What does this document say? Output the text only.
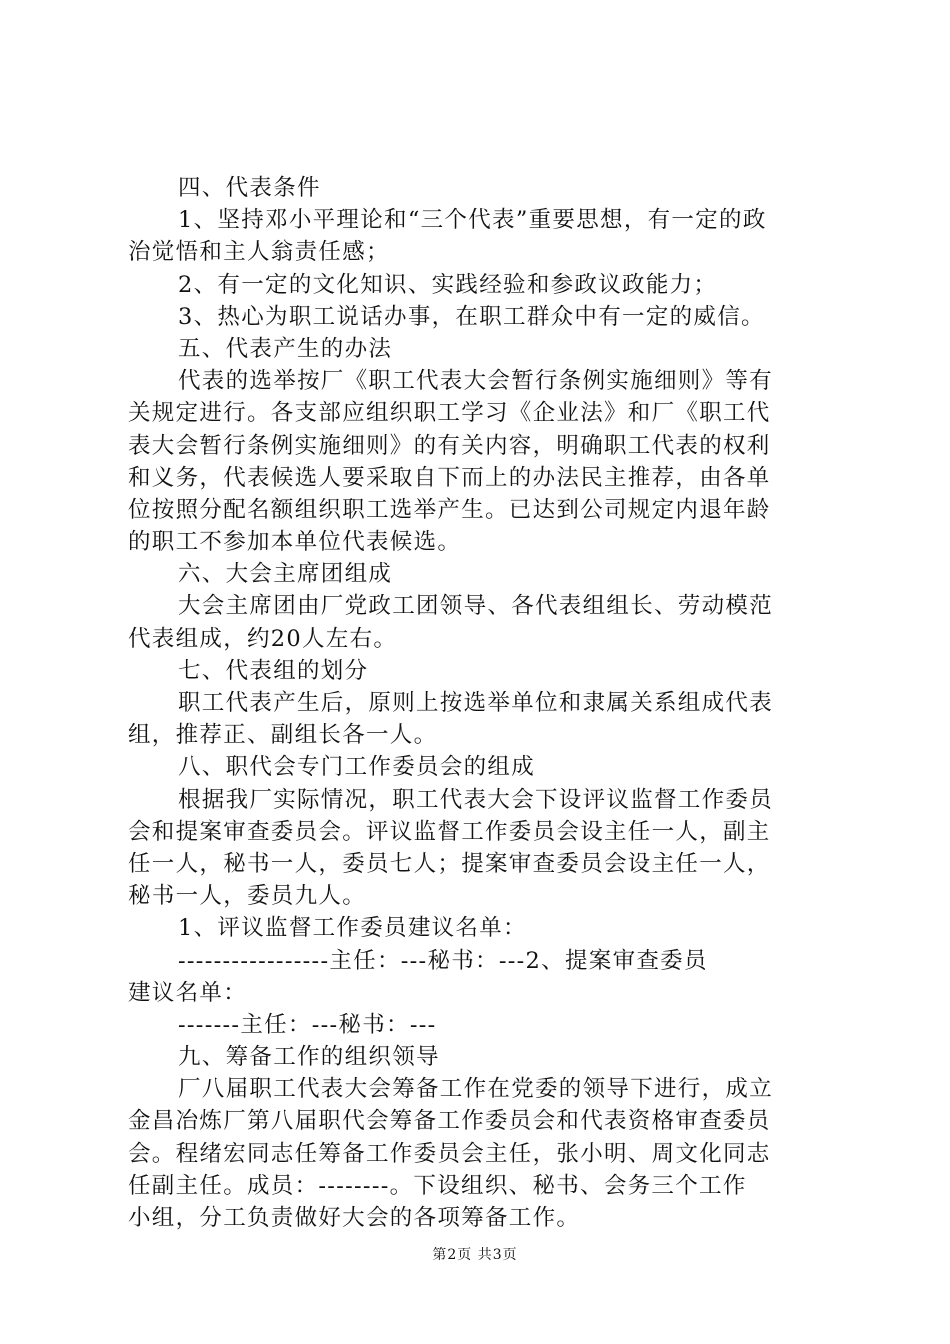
四、代表条件
1、坚持邓小平理论和“三个代表”重要思想，有一定的政
治觉悟和主人翁责任感；
2、有一定的文化知识、实践经验和参政议政能力；
3、热心为职工说话办事，在职工群众中有一定的威信。
五、代表产生的办法
代表的选举按厂《职工代表大会暂行条例实施细则》等有
关规定进行。各支部应组织职工学习《企业法》和厂《职工代
表大会暂行条例实施细则》的有关内容，明确职工代表的权利
和义务，代表候选人要采取自下而上的办法民主推荐，由各单
位按照分配名额组织职工选举产生。已达到公司规定内退年龄
的职工不参加本单位代表候选。
六、大会主席团组成
大会主席团由厂党政工团领导、各代表组组长、劳动模范
代表组成，约20人左右。
七、代表组的划分
职工代表产生后，原则上按选举单位和隶属关系组成代表
组，推荐正、副组长各一人。
八、职代会专门工作委员会的组成
根据我厂实际情况，职工代表大会下设评议监督工作委员
会和提案审查委员会。评议监督工作委员会设主任一人，副主
任一人，秘书一人，委员七人；提案审查委员会设主任一人，
秘书一人，委员九人。
1、评议监督工作委员建议名单：
-----------------主任：---秘书：---2、提案审查委员
建议名单：
-------主任：---秘书：---
九、筹备工作的组织领导
厂八届职工代表大会筹备工作在党委的领导下进行，成立
金昌冶炼厂第八届职代会筹备工作委员会和代表资格审查委员
会。程绪宏同志任筹备工作委员会主任，张小明、周文化同志
任副主任。成员：--------。下设组织、秘书、会务三个工作
小组，分工负责做好大会的各项筹备工作。
第2页 共3页
